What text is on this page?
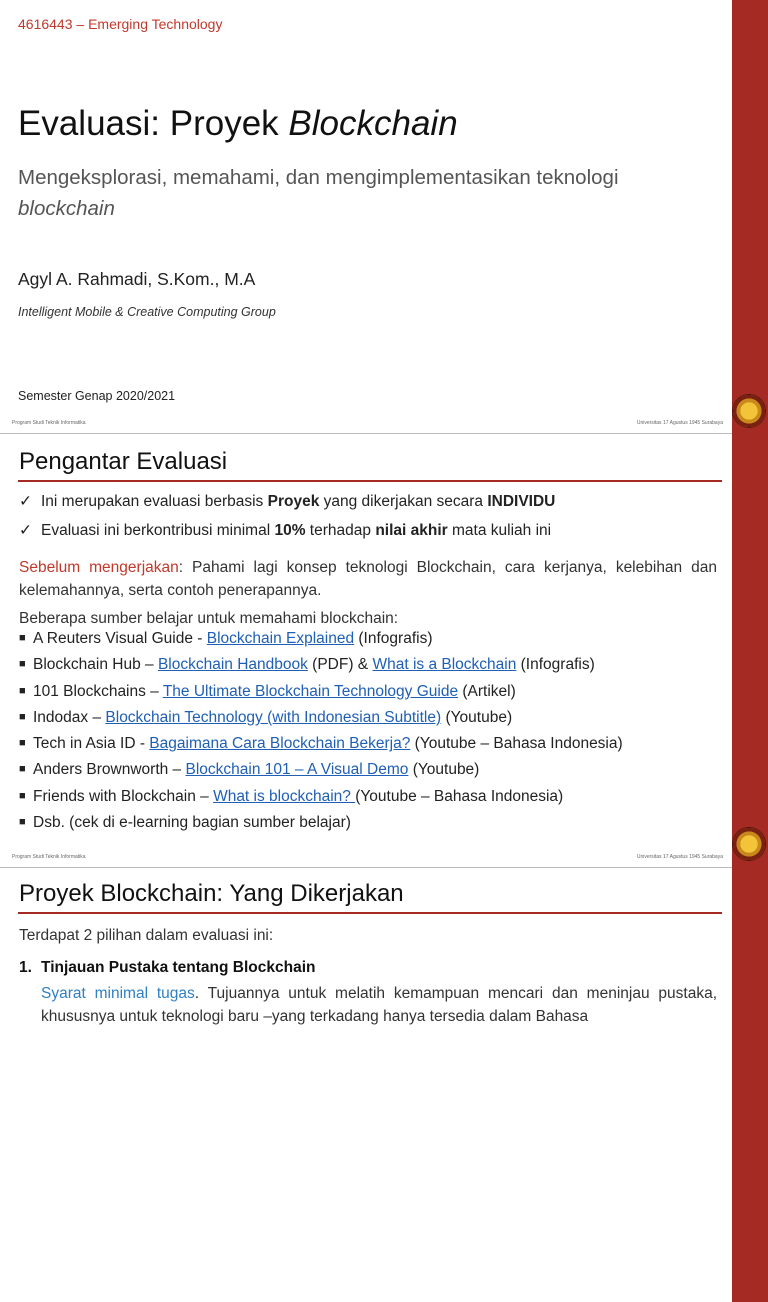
4616443 – Emerging Technology
Evaluasi: Proyek Blockchain
Mengeksplorasi, memahami, dan mengimplementasikan teknologi blockchain
Agyl A. Rahmadi, S.Kom., M.A
Intelligent Mobile & Creative Computing Group
Semester Genap 2020/2021
Program Studi Teknik Informatika	Universitas 17 Agustus 1945 Surabaya
Pengantar Evaluasi
✓ Ini merupakan evaluasi berbasis Proyek yang dikerjakan secara INDIVIDU
✓ Evaluasi ini berkontribusi minimal 10% terhadap nilai akhir mata kuliah ini
Sebelum mengerjakan: Pahami lagi konsep teknologi Blockchain, cara kerjanya, kelebihan dan kelemahannya, serta contoh penerapannya.
Beberapa sumber belajar untuk memahami blockchain:
■ A Reuters Visual Guide - Blockchain Explained (Infografis)
■ Blockchain Hub – Blockchain Handbook (PDF) & What is a Blockchain (Infografis)
■ 101 Blockchains – The Ultimate Blockchain Technology Guide (Artikel)
■ Indodax – Blockchain Technology (with Indonesian Subtitle) (Youtube)
■ Tech in Asia ID - Bagaimana Cara Blockchain Bekerja? (Youtube – Bahasa Indonesia)
■ Anders Brownworth – Blockchain 101 – A Visual Demo (Youtube)
■ Friends with Blockchain – What is blockchain? (Youtube – Bahasa Indonesia)
■ Dsb. (cek di e-learning bagian sumber belajar)
Program Studi Teknik Informatika	Universitas 17 Agustus 1945 Surabaya
Proyek Blockchain: Yang Dikerjakan
Terdapat 2 pilihan dalam evaluasi ini:
1. Tinjauan Pustaka tentang Blockchain
Syarat minimal tugas. Tujuannya untuk melatih kemampuan mencari dan meninjau pustaka, khususnya untuk teknologi baru –yang terkadang hanya tersedia dalam Bahasa
